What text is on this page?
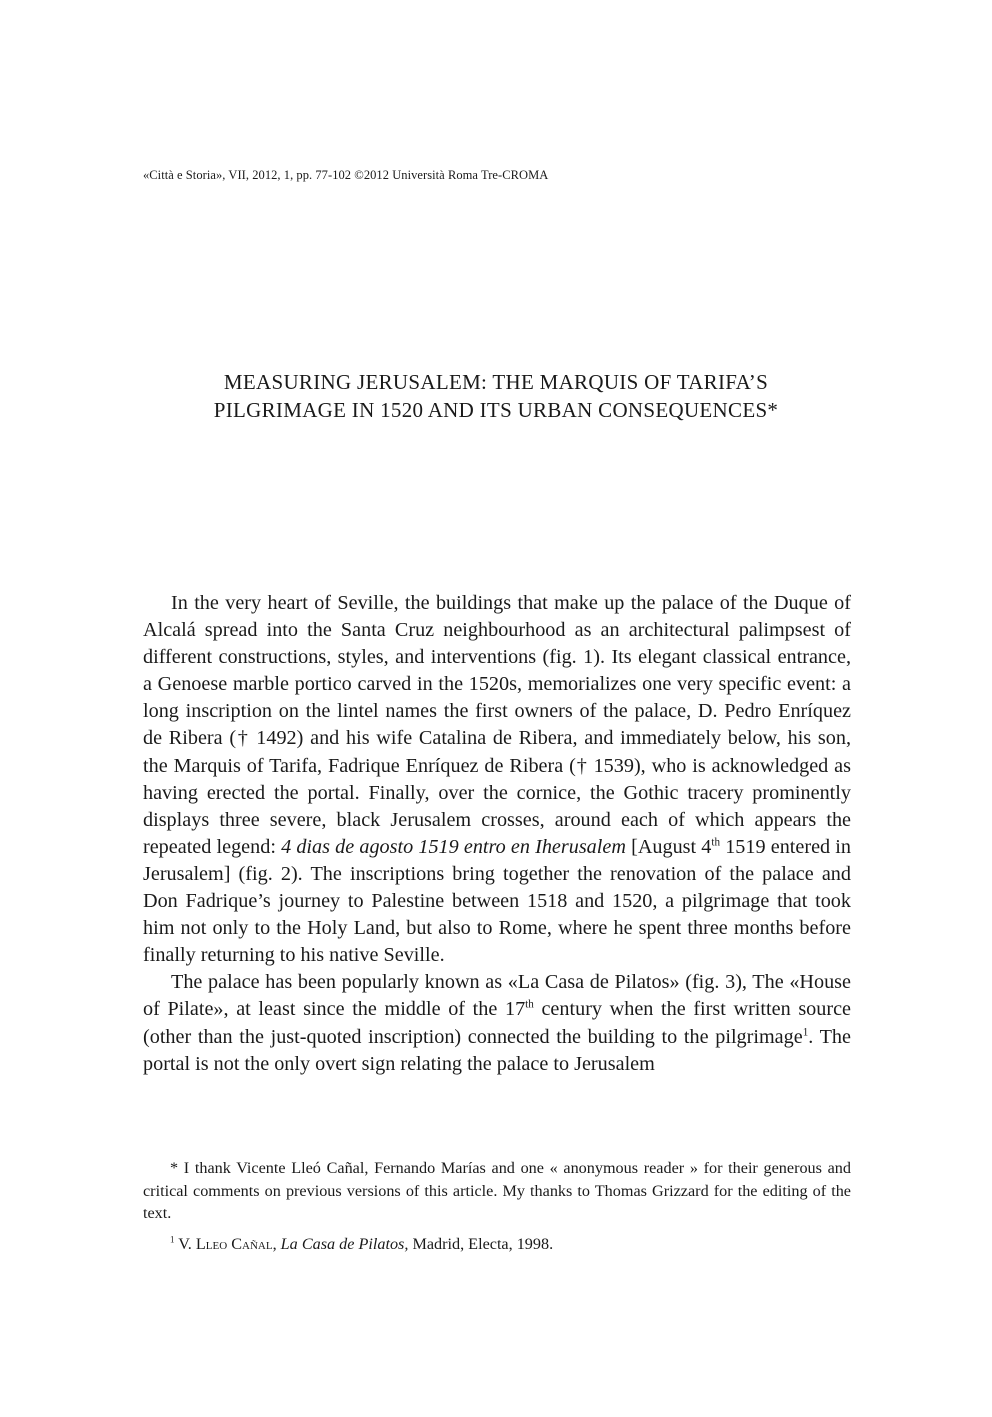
«Città e Storia», VII, 2012, 1, pp. 77-102 ©2012 Università Roma Tre-CROMA
MEASURING JERUSALEM: THE MARQUIS OF TARIFA’S
PILGRIMAGE IN 1520 AND ITS URBAN CONSEQUENCES*

In the very heart of Seville, the buildings that make up the palace of the Duque of Alcalá spread into the Santa Cruz neighbourhood as an architectural palimpsest of different constructions, styles, and interventions (fig. 1). Its elegant classical entrance, a Genoese marble portico carved in the 1520s, memorializes one very specific event: a long inscription on the lintel names the first owners of the palace, D. Pedro Enríquez de Ribera († 1492) and his wife Catalina de Ribera, and immediately below, his son, the Marquis of Tarifa, Fadrique Enríquez de Ribera († 1539), who is acknowledged as having erected the portal. Finally, over the cornice, the Gothic tracery prominently displays three severe, black Jerusalem crosses, around each of which appears the repeated legend: 4 dias de agosto 1519 entro en Iherusalem [August 4th 1519 entered in Jerusalem] (fig. 2). The inscriptions bring together the renovation of the palace and Don Fadrique’s journey to Palestine between 1518 and 1520, a pilgrimage that took him not only to the Holy Land, but also to Rome, where he spent three months before finally returning to his native Seville.

The palace has been popularly known as «La Casa de Pilatos» (fig. 3), The «House of Pilate», at least since the middle of the 17th century when the first written source (other than the just-quoted inscription) connected the building to the pilgrimage$^1$. The portal is not the only overt sign relating the palace to Jerusalem

* I thank Vicente Lleó Cañal, Fernando Marías and one « anonymous reader » for their generous and critical comments on previous versions of this article. My thanks to Thomas Grizzard for the editing of the text.

$^1$ V. Lleo Cañal, La Casa de Pilatos, Madrid, Electa, 1998.
